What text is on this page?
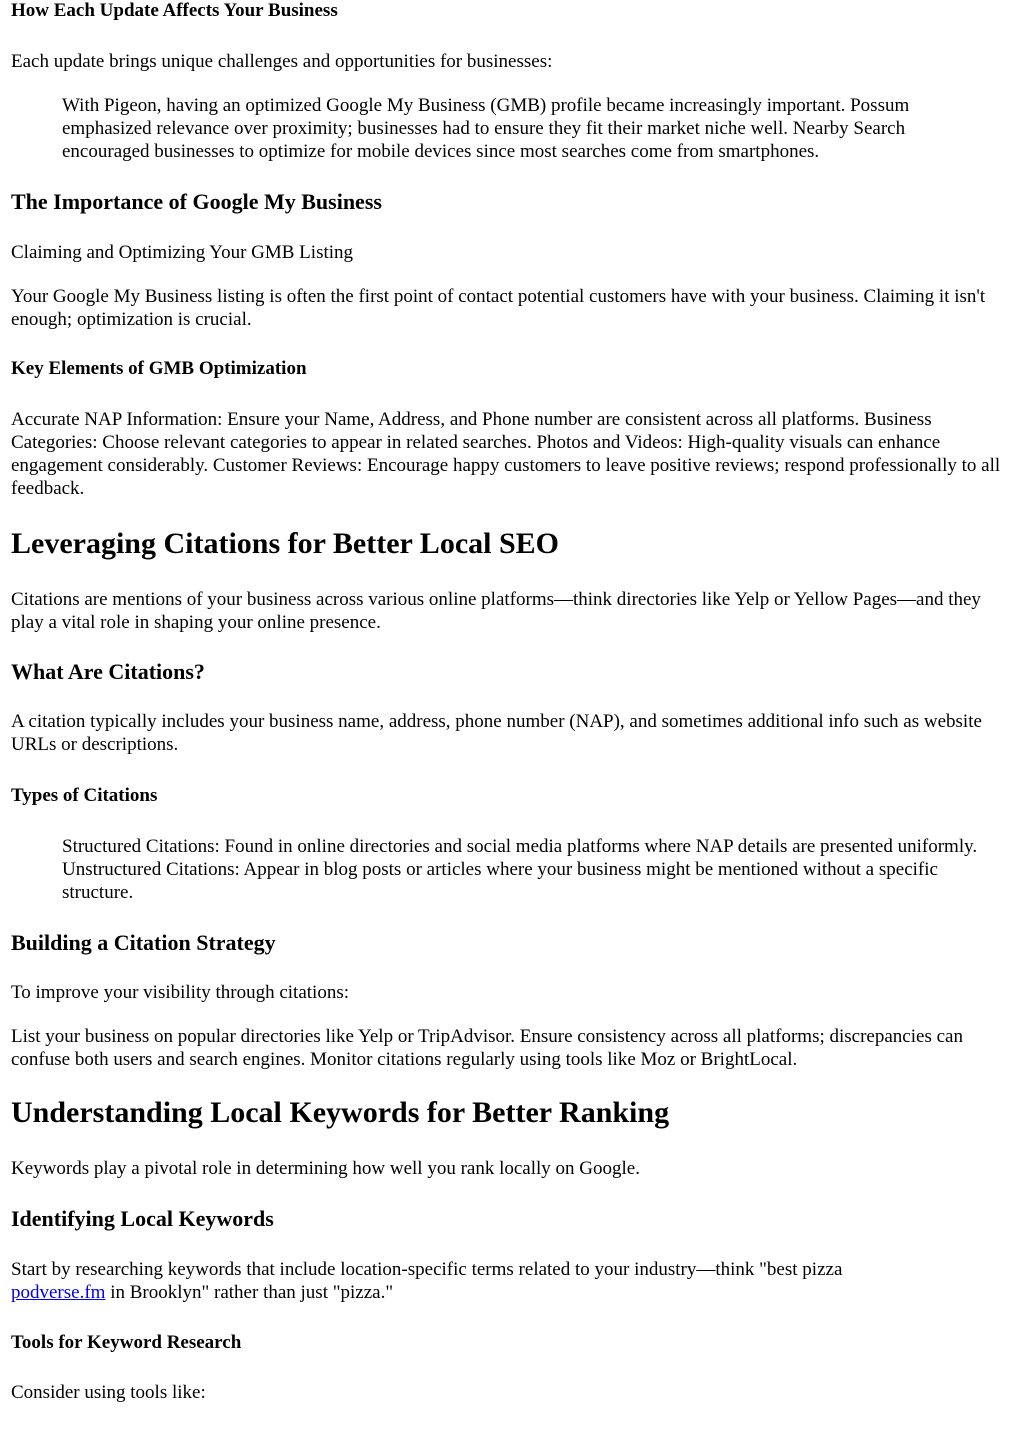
How Each Update Affects Your Business

Each update brings unique challenges and opportunities for businesses:

With Pigeon, having an optimized Google My Business (GMB) profile became increasingly important. Possum emphasized relevance over proximity; businesses had to ensure they fit their market niche well. Nearby Search encouraged businesses to optimize for mobile devices since most searches come from smartphones.

The Importance of Google My Business

Claiming and Optimizing Your GMB Listing

Your Google My Business listing is often the first point of contact potential customers have with your business. Claiming it isn't enough; optimization is crucial.

Key Elements of GMB Optimization

Accurate NAP Information: Ensure your Name, Address, and Phone number are consistent across all platforms. Business Categories: Choose relevant categories to appear in related searches. Photos and Videos: High-quality visuals can enhance engagement considerably. Customer Reviews: Encourage happy customers to leave positive reviews; respond professionally to all feedback.

Leveraging Citations for Better Local SEO

Citations are mentions of your business across various online platforms—think directories like Yelp or Yellow Pages—and they play a vital role in shaping your online presence.

What Are Citations?

A citation typically includes your business name, address, phone number (NAP), and sometimes additional info such as website URLs or descriptions.

Types of Citations

Structured Citations: Found in online directories and social media platforms where NAP details are presented uniformly. Unstructured Citations: Appear in blog posts or articles where your business might be mentioned without a specific structure.

Building a Citation Strategy

To improve your visibility through citations:

List your business on popular directories like Yelp or TripAdvisor. Ensure consistency across all platforms; discrepancies can confuse both users and search engines. Monitor citations regularly using tools like Moz or BrightLocal.

Understanding Local Keywords for Better Ranking

Keywords play a pivotal role in determining how well you rank locally on Google.

Identifying Local Keywords

Start by researching keywords that include location-specific terms related to your industry—think "best pizza podverse.fm in Brooklyn" rather than just "pizza."

Tools for Keyword Research

Consider using tools like:
